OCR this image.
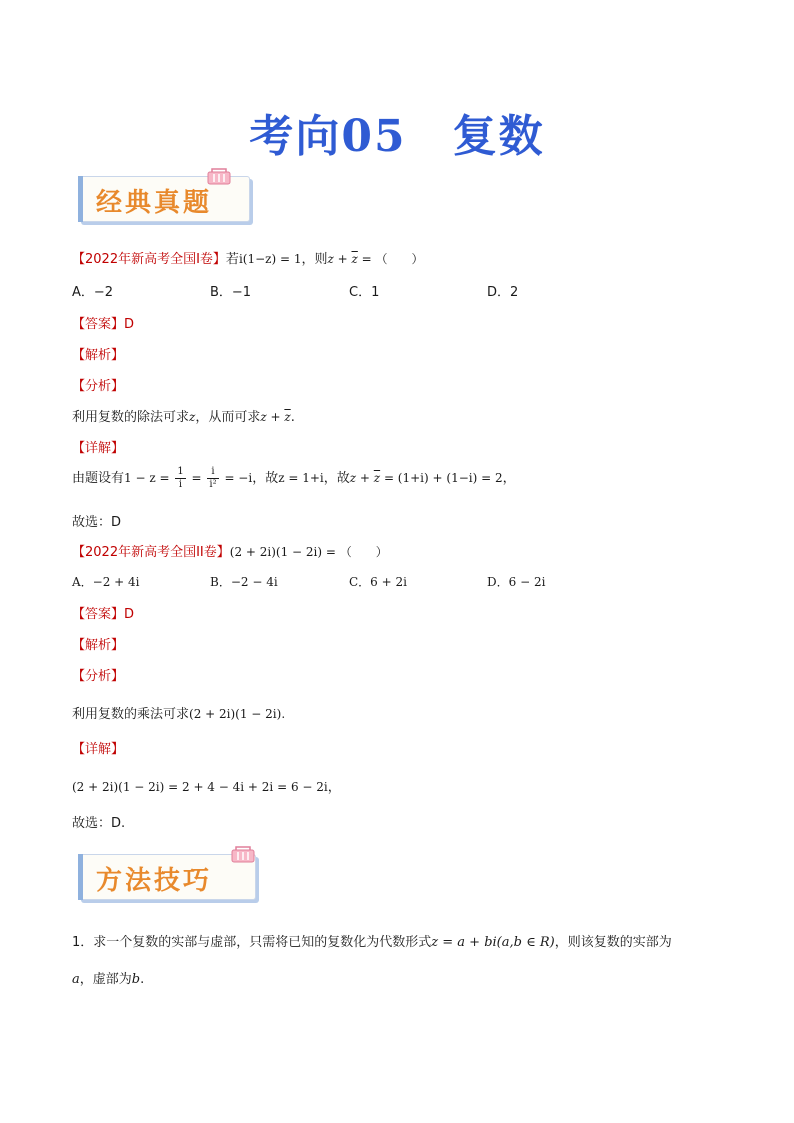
考向05 复数
经典真题
【2022年新高考全国I卷】若i(1−z) = 1，则$z + \overline{z}$ = （　　）
A．−2	B．−1	C．1	D．2
【答案】D
【解析】
【分析】
利用复数的除法可求z，从而可求$z + \overline{z}$.
【详解】
由题设有$1 - z = \frac{1}{i} = \frac{i}{\text{i²}} = -i$，故z = 1+i，故$z + \overline{z} = (1+i) + (1-i) = 2$，
故选：D
【2022年新高考全国II卷】(2 + 2i)(1 − 2i) = （　　）
A．−2 + 4i	B．−2 − 4i	C．6 + 2i	D．6 − 2i
【答案】D
【解析】
【分析】
利用复数的乘法可求(2 + 2i)(1 − 2i).
【详解】
(2 + 2i)(1 − 2i) = 2 + 4 − 4i + 2i = 6 − 2i，
故选：D.
方法技巧
1．求一个复数的实部与虚部，只需将已知的复数化为代数形式z = a + bi(a,b ∈ R)，则该复数的实部为
a，虚部为b.
